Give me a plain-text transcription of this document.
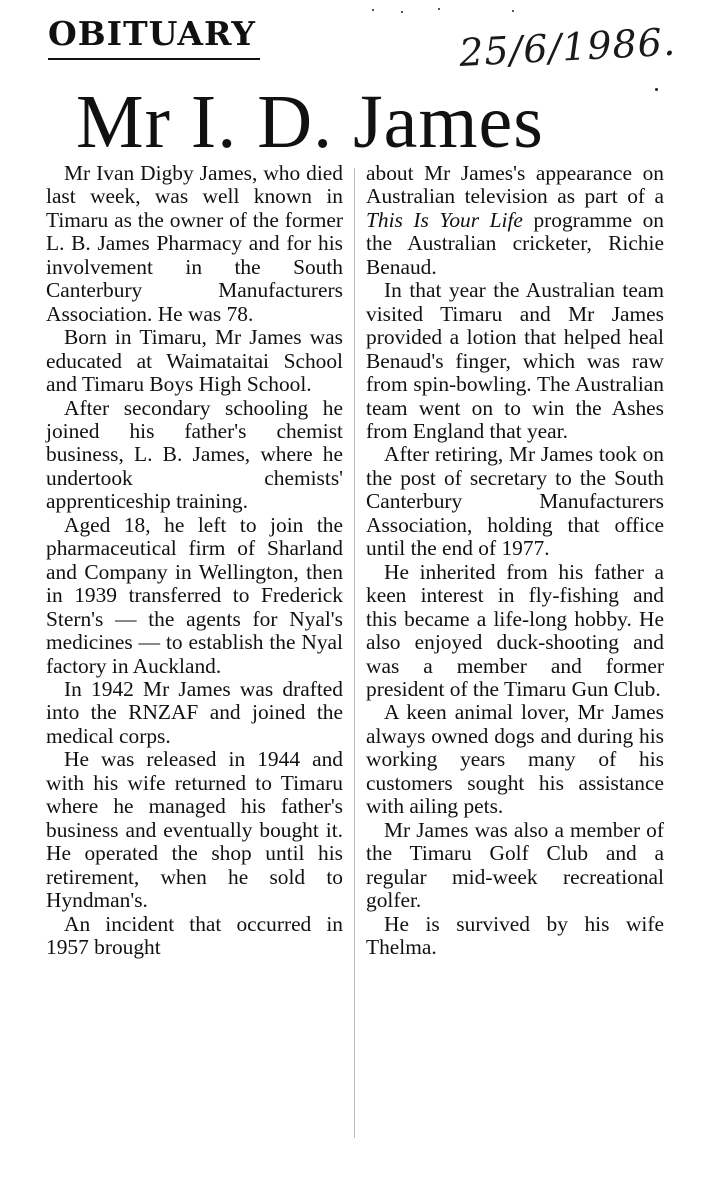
OBITUARY	25/6/1986.
Mr I. D. James

Mr Ivan Digby James, who died last week, was well known in Timaru as the owner of the former L. B. James Pharmacy and for his involvement in the South Canterbury Manufacturers Association. He was 78.

Born in Timaru, Mr James was educated at Waimataitai School and Timaru Boys High School.

After secondary schooling he joined his father's chemist business, L. B. James, where he undertook chemists' apprenticeship training.

Aged 18, he left to join the pharmaceutical firm of Sharland and Company in Wellington, then in 1939 transferred to Frederick Stern's — the agents for Nyal's medicines — to establish the Nyal factory in Auckland.

In 1942 Mr James was drafted into the RNZAF and joined the medical corps.

He was released in 1944 and with his wife returned to Timaru where he managed his father's business and eventually bought it. He operated the shop until his retirement, when he sold to Hyndman's.

An incident that occurred in 1957 brought

about Mr James's appearance on Australian television as part of a This Is Your Life programme on the Australian cricketer, Richie Benaud.

In that year the Australian team visited Timaru and Mr James provided a lotion that helped heal Benaud's finger, which was raw from spin-bowling. The Australian team went on to win the Ashes from England that year.

After retiring, Mr James took on the post of secretary to the South Canterbury Manufacturers Association, holding that office until the end of 1977.

He inherited from his father a keen interest in fly-fishing and this became a life-long hobby. He also enjoyed duck-shooting and was a member and former president of the Timaru Gun Club.

A keen animal lover, Mr James always owned dogs and during his working years many of his customers sought his assistance with ailing pets.

Mr James was also a member of the Timaru Golf Club and a regular mid-week recreational golfer.

He is survived by his wife Thelma.
